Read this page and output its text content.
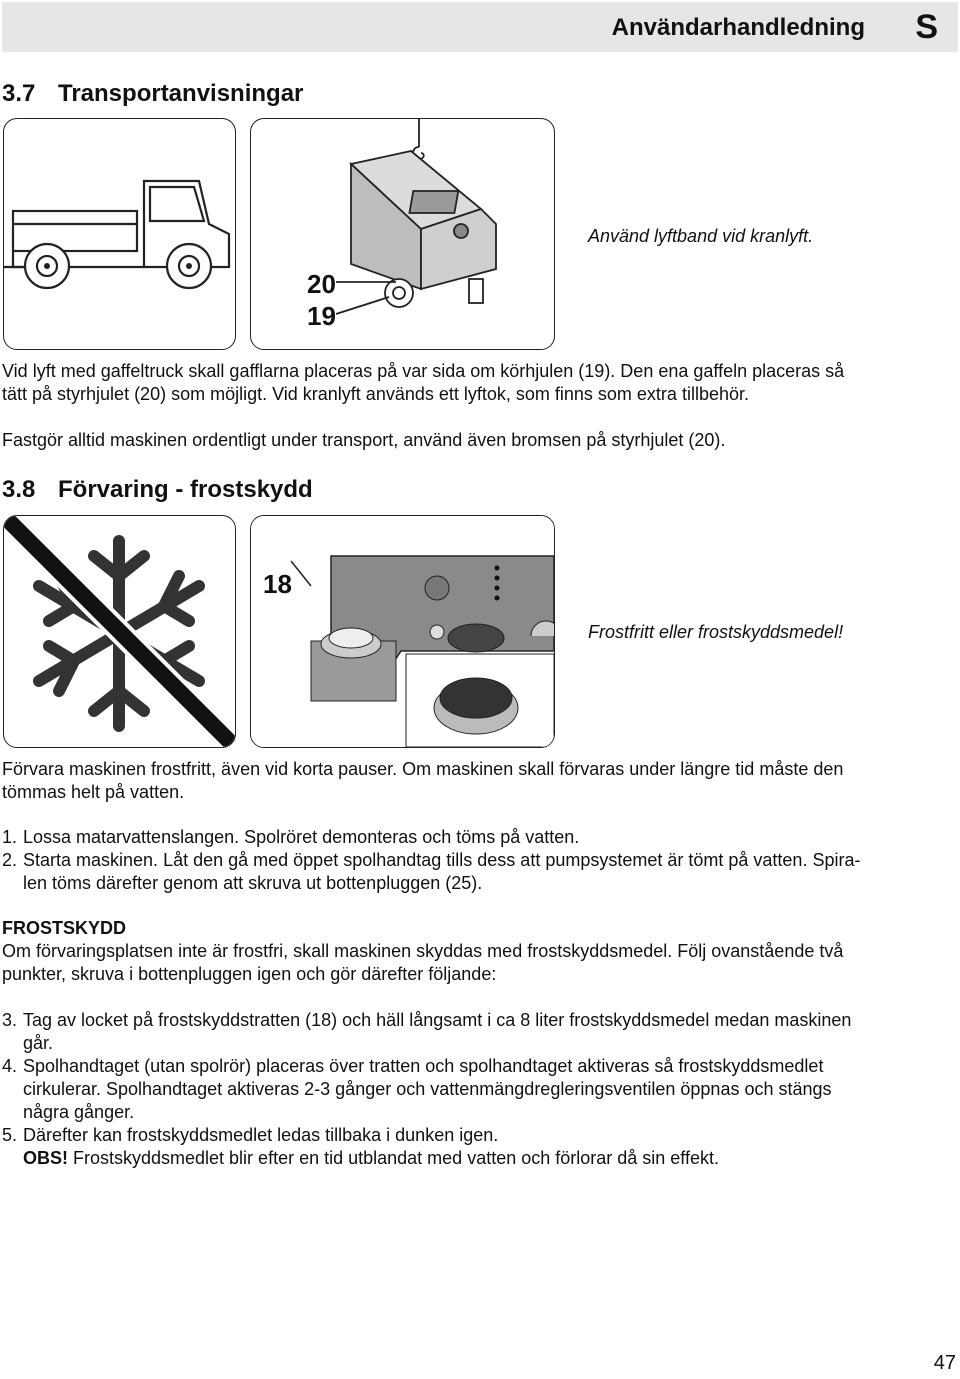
Användarhandledning S
3.7 Transportanvisningar
20
19
Använd lyftband vid kranlyft.
Vid lyft med gaffeltruck skall gafflarna placeras på var sida om körhjulen (19). Den ena gaffeln placeras så
tätt på styrhjulet (20) som möjligt. Vid kranlyft används ett lyftok, som finns som extra tillbehör.
Fastgör alltid maskinen ordentligt under transport, använd även bromsen på styrhjulet (20).
3.8 Förvaring - frostskydd
18
Frostfritt eller frostskyddsmedel!
Förvara maskinen frostfritt, även vid korta pauser. Om maskinen skall förvaras under längre tid måste den
tömmas helt på vatten.
1. Lossa matarvattenslangen. Spolröret demonteras och töms på vatten.
2. Starta maskinen. Låt den gå med öppet spolhandtag tills dess att pumpsystemet är tömt på vatten. Spira-
len töms därefter genom att skruva ut bottenpluggen (25).
FROSTSKYDD
Om förvaringsplatsen inte är frostfri, skall maskinen skyddas med frostskyddsmedel. Följ ovanstående två
punkter, skruva i bottenpluggen igen och gör därefter följande:
3. Tag av locket på frostskyddstratten (18) och häll långsamt i ca 8 liter frostskyddsmedel medan maskinen
går.
4. Spolhandtaget (utan spolrör) placeras över tratten och spolhandtaget aktiveras så frostskyddsmedlet
cirkulerar. Spolhandtaget aktiveras 2-3 gånger och vattenmängdregleringsventilen öppnas och stängs
några gånger.
5. Därefter kan frostskyddsmedlet ledas tillbaka i dunken igen.
OBS! Frostskyddsmedlet blir efter en tid utblandat med vatten och förlorar då sin effekt.
47
